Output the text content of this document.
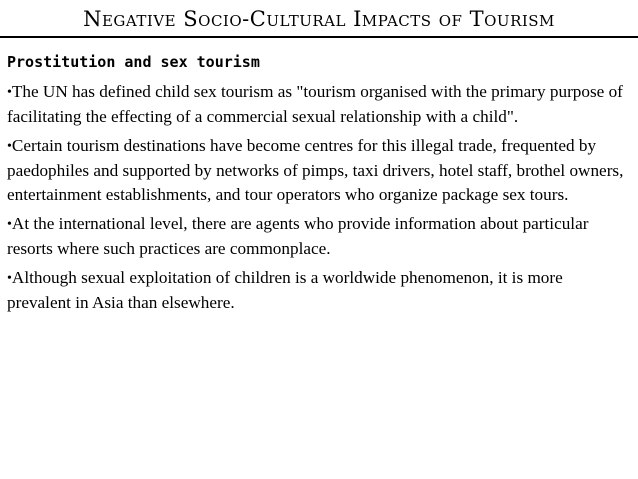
Negative Socio-Cultural Impacts of Tourism
Prostitution and sex tourism
•The UN has defined child sex tourism as "tourism organised with the primary purpose of facilitating the effecting of a commercial sexual relationship with a child".
•Certain tourism destinations have become centres for this illegal trade, frequented by paedophiles and supported by networks of pimps, taxi drivers, hotel staff, brothel owners, entertainment establishments, and tour operators who organize package sex tours.
•At the international level, there are agents who provide information about particular resorts where such practices are commonplace.
•Although sexual exploitation of children is a worldwide phenomenon, it is more prevalent in Asia than elsewhere.
